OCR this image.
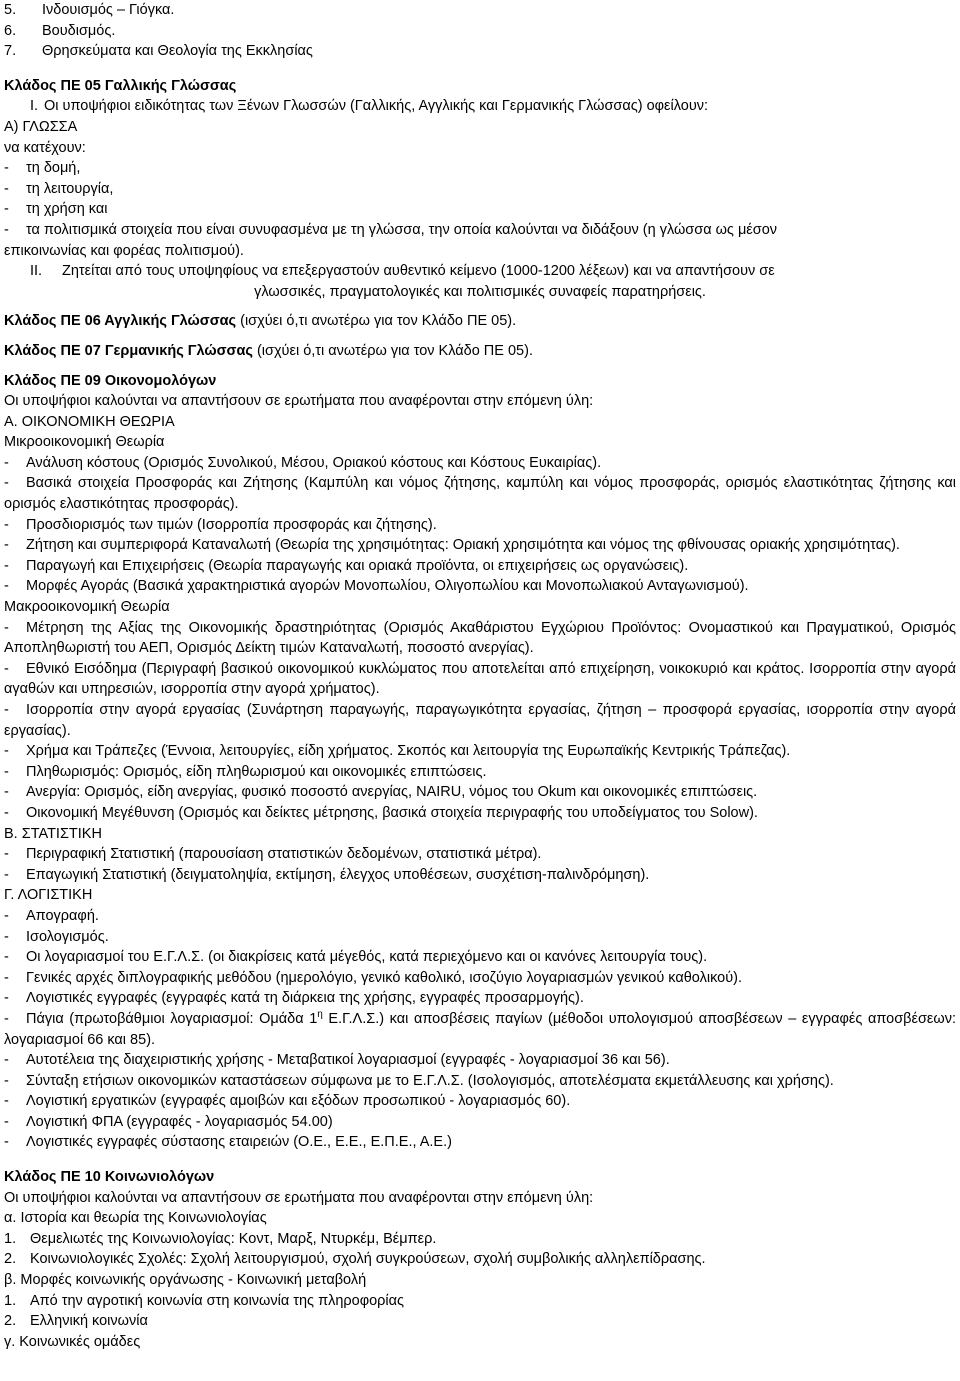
5.	Ινδουισμός – Γιόγκα.
6.	Βουδισμός.
7.	Θρησκεύματα και Θεολογία της Εκκλησίας
Κλάδος ΠΕ 05 Γαλλικής Γλώσσας
I. Οι υποψήφιοι ειδικότητας των Ξένων Γλωσσών (Γαλλικής, Αγγλικής και Γερμανικής Γλώσσας) οφείλουν:
Α) ΓΛΩΣΣΑ
να κατέχουν:
-	τη δομή,
-	τη λειτουργία,
-	τη χρήση και
-	τα πολιτισμικά στοιχεία που είναι συνυφασμένα με τη γλώσσα, την οποία καλούνται να διδάξουν (η γλώσσα ως μέσον
επικοινωνίας και φορέας πολιτισμού).
II.	Ζητείται από τους υποψηφίους να επεξεργαστούν αυθεντικό κείμενο (1000-1200 λέξεων) και να απαντήσουν σε
γλωσσικές, πραγματολογικές και πολιτισμικές συναφείς παρατηρήσεις.
Κλάδος ΠΕ 06 Αγγλικής Γλώσσας (ισχύει ό,τι ανωτέρω για τον Κλάδο ΠΕ 05).
Κλάδος ΠΕ 07 Γερμανικής Γλώσσας (ισχύει ό,τι ανωτέρω για τον Κλάδο ΠΕ 05).
Κλάδος ΠΕ 09 Οικονομολόγων
Οι υποψήφιοι καλούνται να απαντήσουν σε ερωτήματα που αναφέρονται στην επόμενη ύλη:
Α. ΟΙΚΟΝΟΜΙΚΗ ΘΕΩΡΙΑ
Μικροοικονομική Θεωρία
- Ανάλυση κόστους (Ορισμός Συνολικού, Μέσου, Οριακού κόστους και Κόστους Ευκαιρίας).
- Βασικά στοιχεία Προσφοράς και Ζήτησης (Καμπύλη και νόμος ζήτησης, καμπύλη και νόμος προσφοράς, ορισμός ελαστικότητας ζήτησης και ορισμός ελαστικότητας προσφοράς).
- Προσδιορισμός των τιμών (Ισορροπία προσφοράς και ζήτησης).
- Ζήτηση και συμπεριφορά Καταναλωτή (Θεωρία της χρησιμότητας: Οριακή χρησιμότητα και νόμος της φθίνουσας οριακής χρησιμότητας).
- Παραγωγή και Επιχειρήσεις (Θεωρία παραγωγής και οριακά προϊόντα, οι επιχειρήσεις ως οργανώσεις).
- Μορφές Αγοράς (Βασικά χαρακτηριστικά αγορών Μονοπωλίου, Ολιγοπωλίου και Μονοπωλιακού Ανταγωνισμού).
Μακροοικονομική Θεωρία
- Μέτρηση της Αξίας της Οικονομικής δραστηριότητας (Ορισμός Ακαθάριστου Εγχώριου Προϊόντος: Ονομαστικού και Πραγματικού, Ορισμός Αποπληθωριστή του ΑΕΠ, Ορισμός Δείκτη τιμών Καταναλωτή, ποσοστό ανεργίας).
- Εθνικό Εισόδημα (Περιγραφή βασικού οικονομικού κυκλώματος που αποτελείται από επιχείρηση, νοικοκυριό και κράτος. Ισορροπία στην αγορά αγαθών και υπηρεσιών, ισορροπία στην αγορά χρήματος).
- Ισορροπία στην αγορά εργασίας (Συνάρτηση παραγωγής, παραγωγικότητα εργασίας, ζήτηση – προσφορά εργασίας, ισορροπία στην αγορά εργασίας).
- Χρήμα και Τράπεζες (Έννοια, λειτουργίες, είδη χρήματος. Σκοπός και λειτουργία της Ευρωπαϊκής Κεντρικής Τράπεζας).
- Πληθωρισμός: Ορισμός, είδη πληθωρισμού και οικονομικές επιπτώσεις.
- Ανεργία: Ορισμός, είδη ανεργίας, φυσικό ποσοστό ανεργίας, NAIRU, νόμος του Okum και οικονομικές επιπτώσεις.
- Οικονομική Μεγέθυνση (Ορισμός και δείκτες μέτρησης, βασικά στοιχεία περιγραφής του υποδείγματος του Solow).
Β. ΣΤΑΤΙΣΤΙΚΗ
- Περιγραφική Στατιστική (παρουσίαση στατιστικών δεδομένων, στατιστικά μέτρα).
- Επαγωγική Στατιστική (δειγματοληψία, εκτίμηση, έλεγχος υποθέσεων, συσχέτιση-παλινδρόμηση).
Γ. ΛΟΓΙΣΤΙΚΗ
- Απογραφή.
- Ισολογισμός.
- Οι λογαριασμοί του Ε.Γ.Λ.Σ. (οι διακρίσεις κατά μέγεθός, κατά περιεχόμενο και οι κανόνες λειτουργία τους).
- Γενικές αρχές διπλογραφικής μεθόδου (ημερολόγιο, γενικό καθολικό, ισοζύγιο λογαριασμών γενικού καθολικού).
- Λογιστικές εγγραφές (εγγραφές κατά τη διάρκεια της χρήσης, εγγραφές προσαρμογής).
- Πάγια (πρωτοβάθμιοι λογαριασμοί: Ομάδα $1^\eta$ Ε.Γ.Λ.Σ.) και αποσβέσεις παγίων (μέθοδοι υπολογισμού αποσβέσεων – εγγραφές αποσβέσεων: λογαριασμοί 66 και 85).
- Αυτοτέλεια της διαχειριστικής χρήσης - Μεταβατικοί λογαριασμοί (εγγραφές - λογαριασμοί 36 και 56).
- Σύνταξη ετήσιων οικονομικών καταστάσεων σύμφωνα με το Ε.Γ.Λ.Σ. (Ισολογισμός, αποτελέσματα εκμετάλλευσης και χρήσης).
- Λογιστική εργατικών (εγγραφές αμοιβών και εξόδων προσωπικού - λογαριασμός 60).
- Λογιστική ΦΠΑ (εγγραφές - λογαριασμός 54.00)
- Λογιστικές εγγραφές σύστασης εταιρειών (Ο.Ε., Ε.Ε., Ε.Π.Ε., Α.Ε.)
Κλάδος ΠΕ 10 Κοινωνιολόγων
Οι υποψήφιοι καλούνται να απαντήσουν σε ερωτήματα που αναφέρονται στην επόμενη ύλη:
α. Ιστορία και θεωρία της Κοινωνιολογίας
1. Θεμελιωτές της Κοινωνιολογίας: Κοντ, Μαρξ, Ντυρκέμ, Βέμπερ.
2. Κοινωνιολογικές Σχολές: Σχολή λειτουργισμού, σχολή συγκρούσεων, σχολή συμβολικής αλληλεπίδρασης.
β. Μορφές κοινωνικής οργάνωσης - Κοινωνική μεταβολή
1. Από την αγροτική κοινωνία στη κοινωνία της πληροφορίας
2. Ελληνική κοινωνία
γ. Κοινωνικές ομάδες
